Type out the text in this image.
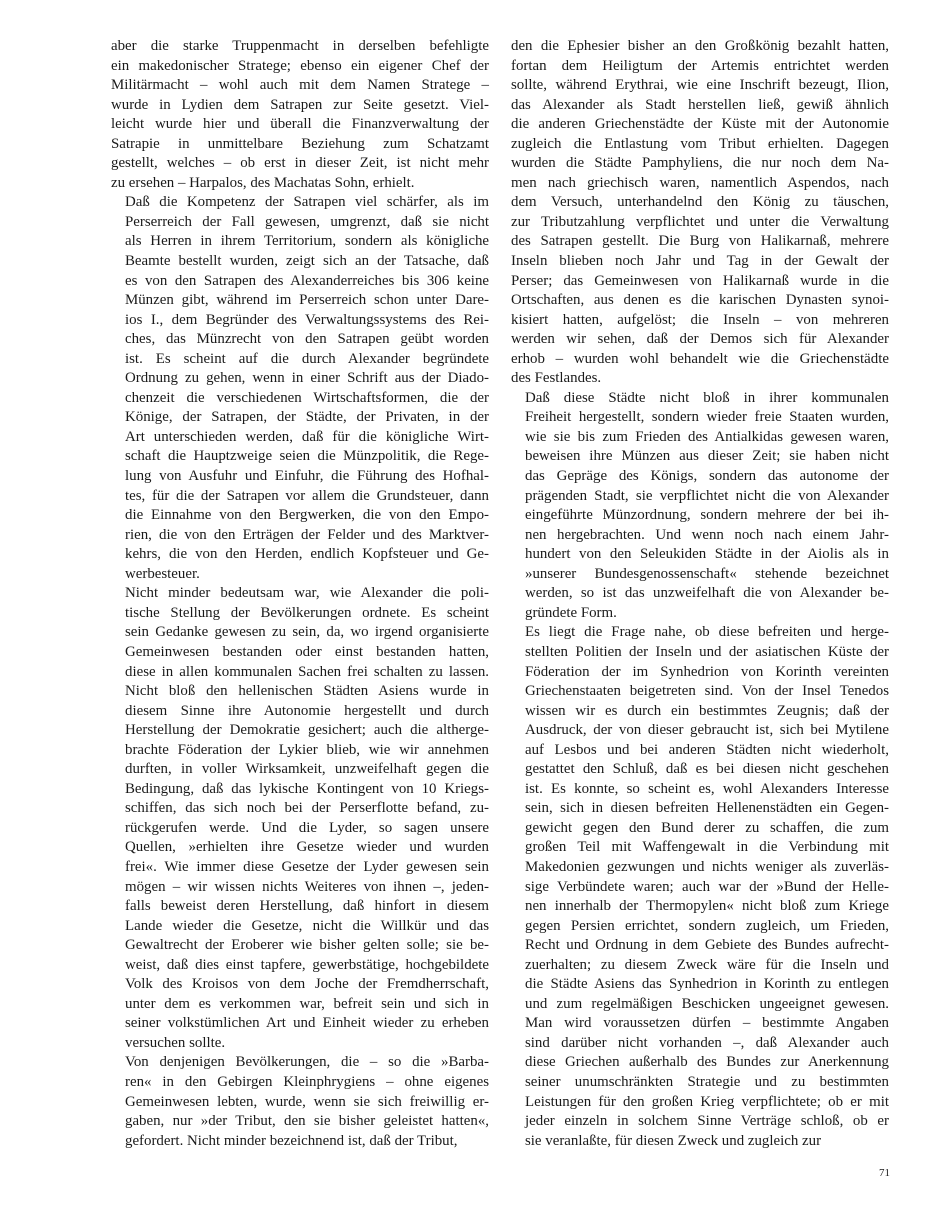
aber die starke Truppenmacht in derselben befehligte
ein makedonischer Stratege; ebenso ein eigener Chef der
Militärmacht – wohl auch mit dem Namen Stratege –
wurde in Lydien dem Satrapen zur Seite gesetzt. Viel-
leicht wurde hier und überall die Finanzverwaltung der
Satrapie in unmittelbare Beziehung zum Schatzamt
gestellt, welches – ob erst in dieser Zeit, ist nicht mehr
zu ersehen – Harpalos, des Machatas Sohn, erhielt.
Daß die Kompetenz der Satrapen viel schärfer, als im
Perserreich der Fall gewesen, umgrenzt, daß sie nicht
als Herren in ihrem Territorium, sondern als königliche
Beamte bestellt wurden, zeigt sich an der Tatsache, daß
es von den Satrapen des Alexanderreiches bis 306 keine
Münzen gibt, während im Perserreich schon unter Dare-
ios I., dem Begründer des Verwaltungssystems des Rei-
ches, das Münzrecht von den Satrapen geübt worden
ist. Es scheint auf die durch Alexander begründete
Ordnung zu gehen, wenn in einer Schrift aus der Diado-
chenzeit die verschiedenen Wirtschaftsformen, die der
Könige, der Satrapen, der Städte, der Privaten, in der
Art unterschieden werden, daß für die königliche Wirt-
schaft die Hauptzweige seien die Münzpolitik, die Rege-
lung von Ausfuhr und Einfuhr, die Führung des Hofhal-
tes, für die der Satrapen vor allem die Grundsteuer, dann
die Einnahme von den Bergwerken, die von den Empo-
rien, die von den Erträgen der Felder und des Marktver-
kehrs, die von den Herden, endlich Kopfsteuer und Ge-
werbesteuer.
Nicht minder bedeutsam war, wie Alexander die poli-
tische Stellung der Bevölkerungen ordnete. Es scheint
sein Gedanke gewesen zu sein, da, wo irgend organisierte
Gemeinwesen bestanden oder einst bestanden hatten,
diese in allen kommunalen Sachen frei schalten zu lassen.
Nicht bloß den hellenischen Städten Asiens wurde in
diesem Sinne ihre Autonomie hergestellt und durch
Herstellung der Demokratie gesichert; auch die altherge-
brachte Föderation der Lykier blieb, wie wir annehmen
durften, in voller Wirksamkeit, unzweifelhaft gegen die
Bedingung, daß das lykische Kontingent von 10 Kriegs-
schiffen, das sich noch bei der Perserflotte befand, zu-
rückgerufen werde. Und die Lyder, so sagen unsere
Quellen, »erhielten ihre Gesetze wieder und wurden
frei«. Wie immer diese Gesetze der Lyder gewesen sein
mögen – wir wissen nichts Weiteres von ihnen –, jeden-
falls beweist deren Herstellung, daß hinfort in diesem
Lande wieder die Gesetze, nicht die Willkür und das
Gewaltrecht der Eroberer wie bisher gelten solle; sie be-
weist, daß dies einst tapfere, gewerbstätige, hochgebildete
Volk des Kroisos von dem Joche der Fremdherrschaft,
unter dem es verkommen war, befreit sein und sich in
seiner volkstümlichen Art und Einheit wieder zu erheben
versuchen sollte.
Von denjenigen Bevölkerungen, die – so die »Barba-
ren« in den Gebirgen Kleinphrygiens – ohne eigenes
Gemeinwesen lebten, wurde, wenn sie sich freiwillig er-
gaben, nur »der Tribut, den sie bisher geleistet hatten«,
gefordert. Nicht minder bezeichnend ist, daß der Tribut,
den die Ephesier bisher an den Großkönig bezahlt hatten,
fortan dem Heiligtum der Artemis entrichtet werden
sollte, während Erythrai, wie eine Inschrift bezeugt, Ilion,
das Alexander als Stadt herstellen ließ, gewiß ähnlich
die anderen Griechenstädte der Küste mit der Autonomie
zugleich die Entlastung vom Tribut erhielten. Dagegen
wurden die Städte Pamphyliens, die nur noch dem Na-
men nach griechisch waren, namentlich Aspendos, nach
dem Versuch, unterhandelnd den König zu täuschen,
zur Tributzahlung verpflichtet und unter die Verwaltung
des Satrapen gestellt. Die Burg von Halikarnaß, mehrere
Inseln blieben noch Jahr und Tag in der Gewalt der
Perser; das Gemeinwesen von Halikarnaß wurde in die
Ortschaften, aus denen es die karischen Dynasten synoi-
kisiert hatten, aufgelöst; die Inseln – von mehreren
werden wir sehen, daß der Demos sich für Alexander
erhob – wurden wohl behandelt wie die Griechenstädte
des Festlandes.
Daß diese Städte nicht bloß in ihrer kommunalen
Freiheit hergestellt, sondern wieder freie Staaten wurden,
wie sie bis zum Frieden des Antialkidas gewesen waren,
beweisen ihre Münzen aus dieser Zeit; sie haben nicht
das Gepräge des Königs, sondern das autonome der
prägenden Stadt, sie verpflichtet nicht die von Alexander
eingeführte Münzordnung, sondern mehrere der bei ih-
nen hergebrachten. Und wenn noch nach einem Jahr-
hundert von den Seleukiden Städte in der Aiolis als in
»unserer Bundesgenossenschaft« stehende bezeichnet
werden, so ist das unzweifelhaft die von Alexander be-
gründete Form.
Es liegt die Frage nahe, ob diese befreiten und herge-
stellten Politien der Inseln und der asiatischen Küste der
Föderation der im Synhedrion von Korinth vereinten
Griechenstaaten beigetreten sind. Von der Insel Tenedos
wissen wir es durch ein bestimmtes Zeugnis; daß der
Ausdruck, der von dieser gebraucht ist, sich bei Mytilene
auf Lesbos und bei anderen Städten nicht wiederholt,
gestattet den Schluß, daß es bei diesen nicht geschehen
ist. Es konnte, so scheint es, wohl Alexanders Interesse
sein, sich in diesen befreiten Hellenenstädten ein Gegen-
gewicht gegen den Bund derer zu schaffen, die zum
großen Teil mit Waffengewalt in die Verbindung mit
Makedonien gezwungen und nichts weniger als zuverläs-
sige Verbündete waren; auch war der »Bund der Helle-
nen innerhalb der Thermopylen« nicht bloß zum Kriege
gegen Persien errichtet, sondern zugleich, um Frieden,
Recht und Ordnung in dem Gebiete des Bundes aufrecht-
zuerhalten; zu diesem Zweck wäre für die Inseln und
die Städte Asiens das Synhedrion in Korinth zu entlegen
und zum regelmäßigen Beschicken ungeeignet gewesen.
Man wird voraussetzen dürfen – bestimmte Angaben
sind darüber nicht vorhanden –, daß Alexander auch
diese Griechen außerhalb des Bundes zur Anerkennung
seiner unumschränkten Strategie und zu bestimmten
Leistungen für den großen Krieg verpflichtete; ob er mit
jeder einzeln in solchem Sinne Verträge schloß, ob er
sie veranlaßte, für diesen Zweck und zugleich zur
71
